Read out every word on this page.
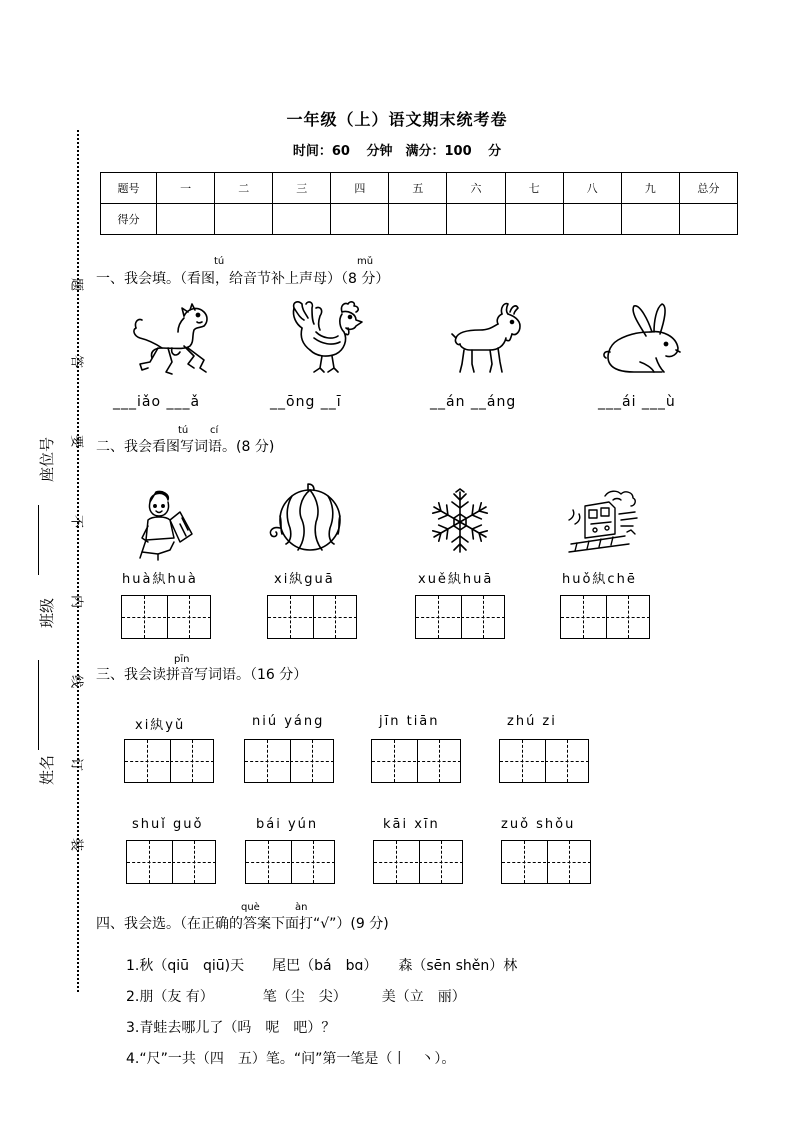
题
答
要
不
内
线
订
装
座位号
班级
姓名
一年级（上）语文期末统考卷
时间：60 分钟　满分：100 分
题号	一	二	三	四	五	六	七	八	九	总分
得分										
tú	mǔ
一、我会填。（看图，给音节补上声母）（8 分）
___iǎo ___ǎ	__ōng __ī	__án __áng	___ái ___ù
tú cí
二、我会看图写词语。(8 分)
huà紈huà	xi紈guā	xuě紈huā	huǒ紈chē
pīn
三、我会读拼音写词语。（16 分）
xi紈yǔ	niú yáng	jīn tiān	zhú zi
shuǐ guǒ	bái yún	kāi xīn	zuǒ shǒu
què	àn
四、我会选。（在正确的答案下面打“√”）(9 分)
1.秋（qiū　qiū)天　　尾巴（bá　bɑ）　　森（sēn shěn）林
2.朋（友 有）　　　　笔（尘　尖）　　　美（立　丽）
3.青蛙去哪儿了（吗　呢　吧）？
4.“尺”一共（四　五）笔。“问”第一笔是（丨　丶）。
